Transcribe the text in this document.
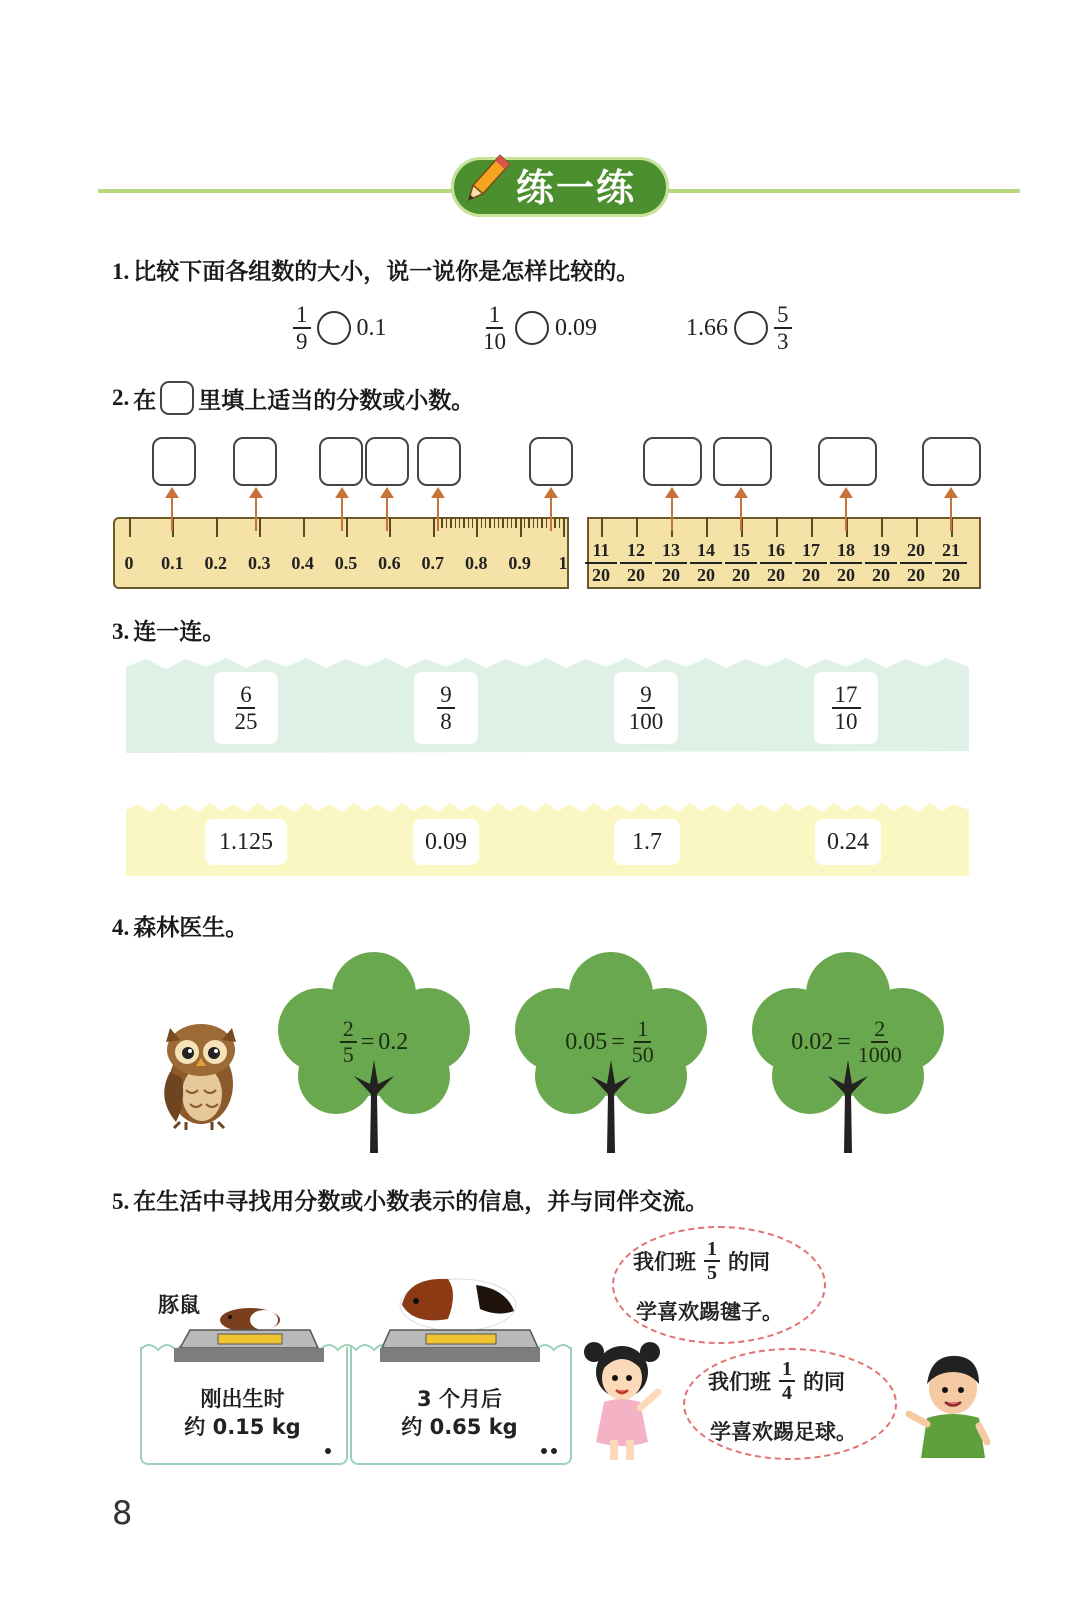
练一练
1. 比较下面各组数的大小，说一说你是怎样比较的。
$\frac{1}{9} 0.1$	$\frac{1}{10} 0.09$	$1.66 \frac{5}{3}$
2. 在 里填上适当的分数或小数。
0	0.1	0.2	0.3	0.4	0.5	0.6	0.7	0.8	0.9	1
11
20
12
20
13
20
14
20
15
20
16
20
17
20
18
20
19
20
20
20
21
20
3. 连一连。
$\frac{6}{25}$	$\frac{9}{8}$	$\frac{9}{100}$	$\frac{17}{10}$
1.125	0.09	1.7	0.24
4. 森林医生。
$\frac{2}{5} = 0.2$	$0.05 = \frac{1}{50}$	$0.02 = \frac{2}{1000}$
5. 在生活中寻找用分数或小数表示的信息，并与同伴交流。
豚鼠
刚出生时
约 0.15 kg
3 个月后
约 0.65 kg
我们班 $\frac{1}{5}$ 的同
学喜欢踢毽子。
我们班 $\frac{1}{4}$ 的同
学喜欢踢足球。
8
